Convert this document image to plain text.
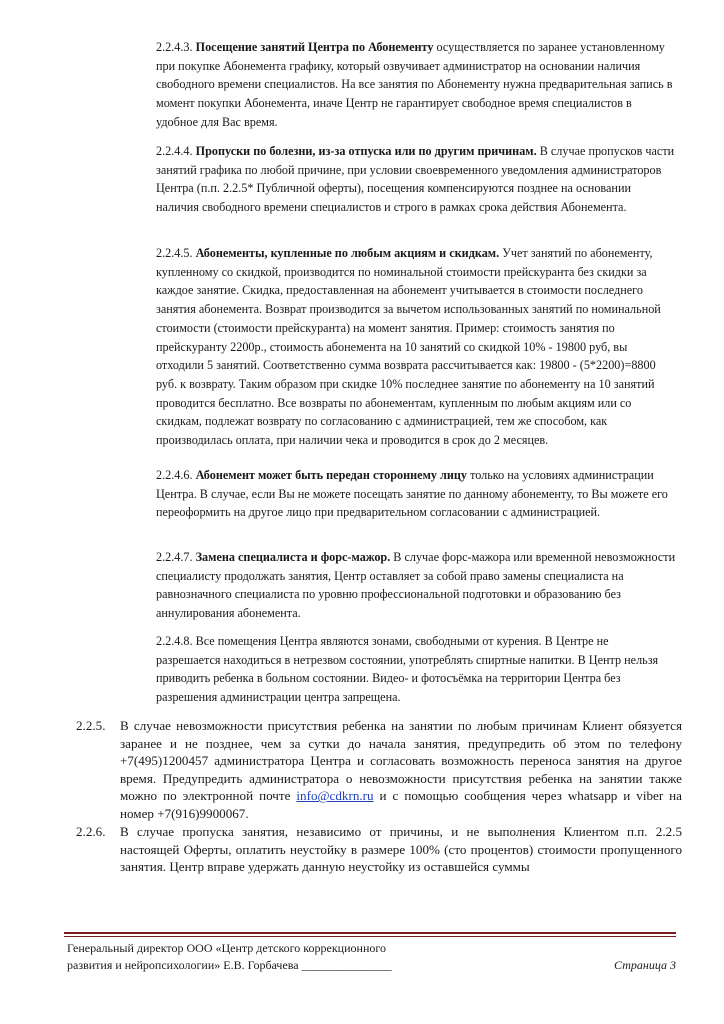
2.2.4.3. Посещение занятий Центра по Абонементу осуществляется по заранее установленному при покупке Абонемента графику, который озвучивает администратор на основании наличия свободного времени специалистов. На все занятия по Абонементу нужна предварительная запись в момент покупки Абонемента, иначе Центр не гарантирует свободное время специалистов в удобное для Вас время.
2.2.4.4. Пропуски по болезни, из-за отпуска или по другим причинам. В случае пропусков части занятий графика по любой причине, при условии своевременного уведомления администраторов Центра (п.п. 2.2.5* Публичной оферты), посещения компенсируются позднее на основании наличия свободного времени специалистов и строго в рамках срока действия Абонемента.
2.2.4.5. Абонементы, купленные по любым акциям и скидкам. Учет занятий по абонементу, купленному со скидкой, производится по номинальной стоимости прейскуранта без скидки за каждое занятие. Скидка, предоставленная на абонемент учитывается в стоимости последнего занятия абонемента. Возврат производится за вычетом использованных занятий по номинальной стоимости (стоимости прейскуранта) на момент занятия. Пример: стоимость занятия по прейскуранту 2200р., стоимость абонемента на 10 занятий со скидкой 10% - 19800 руб, вы отходили 5 занятий. Соответственно сумма возврата рассчитывается как: 19800 - (5*2200)=8800 руб. к возврату. Таким образом при скидке 10% последнее занятие по абонементу на 10 занятий проводится бесплатно. Все возвраты по абонементам, купленным по любым акциям или со скидкам, подлежат возврату по согласованию с администрацией, тем же способом, как производилась оплата, при наличии чека и проводится в срок до 2 месяцев.
2.2.4.6. Абонемент может быть передан стороннему лицу только на условиях администрации Центра. В случае, если Вы не можете посещать занятие по данному абонементу, то Вы можете его переоформить на другое лицо при предварительном согласовании с администрацией.
2.2.4.7. Замена специалиста и форс-мажор. В случае форс-мажора или временной невозможности специалисту продолжать занятия, Центр оставляет за собой право замены специалиста на равнозначного специалиста по уровню профессиональной подготовки и образованию без аннулирования абонемента.
2.2.4.8. Все помещения Центра являются зонами, свободными от курения. В Центре не разрешается находиться в нетрезвом состоянии, употреблять спиртные напитки. В Центр нельзя приводить ребенка в больном состоянии. Видео- и фотосъёмка на территории Центра без разрешения администрации центра запрещена.
2.2.5. В случае невозможности присутствия ребенка на занятии по любым причинам Клиент обязуется заранее и не позднее, чем за сутки до начала занятия, предупредить об этом по телефону +7(495)1200457 администратора Центра и согласовать возможность переноса занятия на другое время. Предупредить администратора о невозможности присутствия ребенка на занятии также можно по электронной почте info@cdkrn.ru и с помощью сообщения через whatsapp и viber на номер +7(916)9900067.
2.2.6. В случае пропуска занятия, независимо от причины, и не выполнения Клиентом п.п. 2.2.5 настоящей Оферты, оплатить неустойку в размере 100% (сто процентов) стоимости пропущенного занятия. Центр вправе удержать данную неустойку из оставшейся суммы
Генеральный директор ООО «Центр детского коррекционного
развития и нейропсихологии» Е.В. Горбачева _______________	Страница 3
